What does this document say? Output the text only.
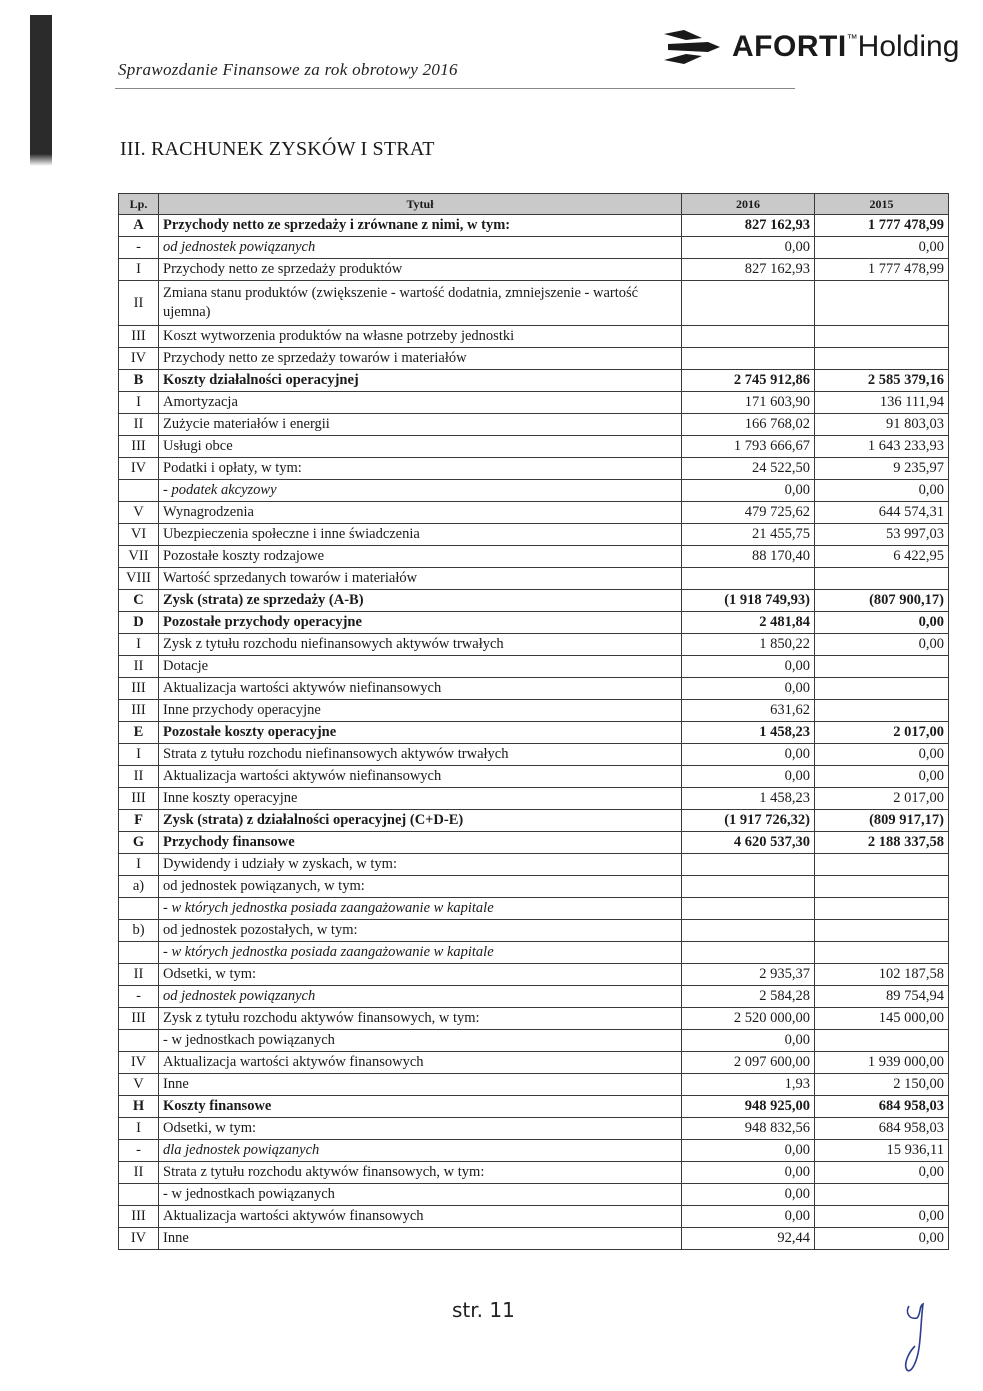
Sprawozdanie Finansowe za rok obrotowy 2016
AFORTI™Holding
III. RACHUNEK ZYSKÓW I STRAT
Lp.	Tytuł	2016	2015
A	Przychody netto ze sprzedaży i zrównane z nimi, w tym:	827 162,93	1 777 478,99
-	od jednostek powiązanych	0,00	0,00
I	Przychody netto ze sprzedaży produktów	827 162,93	1 777 478,99
II	Zmiana stanu produktów (zwiększenie - wartość dodatnia, zmniejszenie - wartość ujemna)		
III	Koszt wytworzenia produktów na własne potrzeby jednostki		
IV	Przychody netto ze sprzedaży towarów i materiałów		
B	Koszty działalności operacyjnej	2 745 912,86	2 585 379,16
I	Amortyzacja	171 603,90	136 111,94
II	Zużycie materiałów i energii	166 768,02	91 803,03
III	Usługi obce	1 793 666,67	1 643 233,93
IV	Podatki i opłaty, w tym:	24 522,50	9 235,97
	- podatek akcyzowy	0,00	0,00
V	Wynagrodzenia	479 725,62	644 574,31
VI	Ubezpieczenia społeczne i inne świadczenia	21 455,75	53 997,03
VII	Pozostałe koszty rodzajowe	88 170,40	6 422,95
VIII	Wartość sprzedanych towarów i materiałów		
C	Zysk (strata) ze sprzedaży (A-B)	(1 918 749,93)	(807 900,17)
D	Pozostałe przychody operacyjne	2 481,84	0,00
I	Zysk z tytułu rozchodu niefinansowych aktywów trwałych	1 850,22	0,00
II	Dotacje	0,00	
III	Aktualizacja wartości aktywów niefinansowych	0,00	
III	Inne przychody operacyjne	631,62	
E	Pozostałe koszty operacyjne	1 458,23	2 017,00
I	Strata z tytułu rozchodu niefinansowych aktywów trwałych	0,00	0,00
II	Aktualizacja wartości aktywów niefinansowych	0,00	0,00
III	Inne koszty operacyjne	1 458,23	2 017,00
F	Zysk (strata) z działalności operacyjnej (C+D-E)	(1 917 726,32)	(809 917,17)
G	Przychody finansowe	4 620 537,30	2 188 337,58
I	Dywidendy i udziały w zyskach, w tym:		
a)	od jednostek powiązanych, w tym:		
	- w których jednostka posiada zaangażowanie w kapitale		
b)	od jednostek pozostałych, w tym:		
	- w których jednostka posiada zaangażowanie w kapitale		
II	Odsetki, w tym:	2 935,37	102 187,58
-	od jednostek powiązanych	2 584,28	89 754,94
III	Zysk z tytułu rozchodu aktywów finansowych, w tym:	2 520 000,00	145 000,00
	- w jednostkach powiązanych	0,00	
IV	Aktualizacja wartości aktywów finansowych	2 097 600,00	1 939 000,00
V	Inne	1,93	2 150,00
H	Koszty finansowe	948 925,00	684 958,03
I	Odsetki, w tym:	948 832,56	684 958,03
-	dla jednostek powiązanych	0,00	15 936,11
II	Strata z tytułu rozchodu aktywów finansowych, w tym:	0,00	0,00
	- w jednostkach powiązanych	0,00	
III	Aktualizacja wartości aktywów finansowych	0,00	0,00
IV	Inne	92,44	0,00
str. 11
